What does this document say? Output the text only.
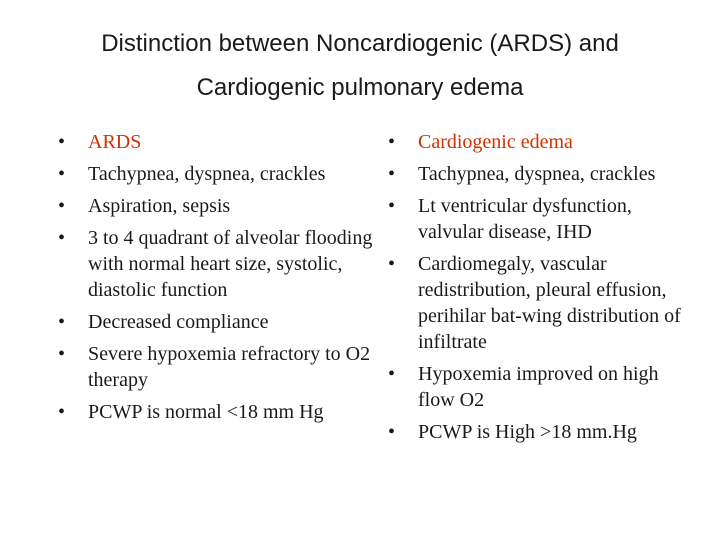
Distinction between Noncardiogenic (ARDS) and
Cardiogenic pulmonary edema
•	ARDS
•	Tachypnea, dyspnea, crackles
•	Aspiration, sepsis
•	3 to 4 quadrant of alveolar flooding with normal heart size, systolic, diastolic function
•	Decreased compliance
•	Severe hypoxemia refractory to O2 therapy
•	PCWP is normal <18 mm Hg
•	Cardiogenic edema
•	Tachypnea, dyspnea, crackles
•	Lt ventricular dysfunction, valvular disease, IHD
•	Cardiomegaly, vascular redistribution, pleural effusion, perihilar bat-wing distribution of infiltrate
•	Hypoxemia improved on high flow O2
•	PCWP is High >18 mm.Hg
